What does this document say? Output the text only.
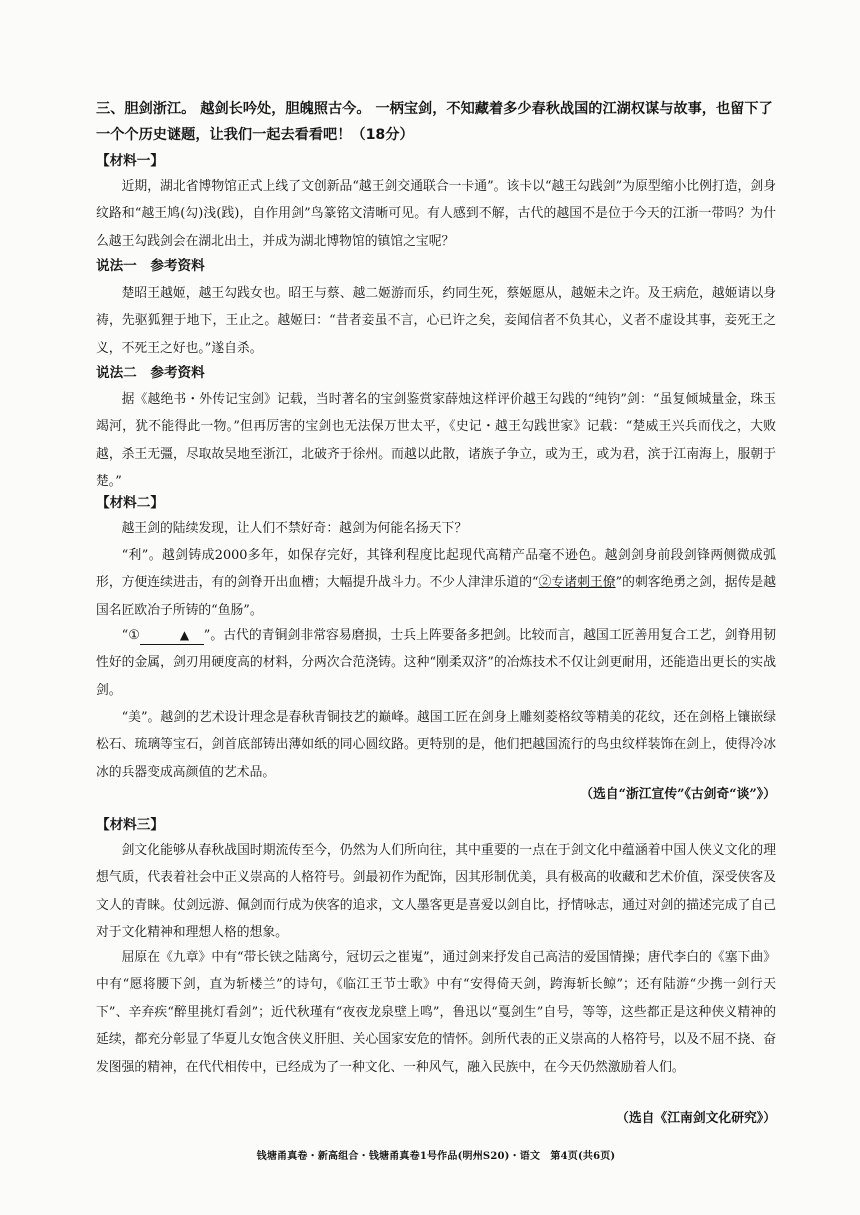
三、胆剑浙江。 越剑长吟处，胆魄照古今。 一柄宝剑，不知藏着多少春秋战国的江湖权谋与故事，也留下了一个个历史谜题，让我们一起去看看吧！（18分）

【材料一】

近期，湖北省博物馆正式上线了文创新品“越王剑交通联合一卡通”。该卡以“越王勾践剑”为原型缩小比例打造，剑身纹路和“越王鸠(勾)浅(践)，自作用剑”鸟篆铭文清晰可见。有人感到不解，古代的越国不是位于今天的江浙一带吗？为什么越王勾践剑会在湖北出土，并成为湖北博物馆的镇馆之宝呢？

说法一　参考资料

楚昭王越姬，越王勾践女也。昭王与蔡、越二姬游而乐，约同生死，蔡姬愿从，越姬未之许。及王病危，越姬请以身祷，先驱狐狸于地下，王止之。越姬曰：“昔者妾虽不言，心已许之矣，妾闻信者不负其心，义者不虚设其事，妾死王之义，不死王之好也。”遂自杀。

说法二　参考资料

据《越绝书・外传记宝剑》记载，当时著名的宝剑鉴赏家薛烛这样评价越王勾践的“纯钧”剑：“虽复倾城量金，珠玉竭河，犹不能得此一物。”但再厉害的宝剑也无法保万世太平，《史记・越王勾践世家》记载：“楚威王兴兵而伐之，大败越，杀王无彊，尽取故吴地至浙江，北破齐于徐州。而越以此散，诸族子争立，或为王，或为君，滨于江南海上，服朝于楚。”

【材料二】

越王剑的陆续发现，让人们不禁好奇：越剑为何能名扬天下？

“利”。越剑铸成2000多年，如保存完好，其锋利程度比起现代高精产品毫不逊色。越剑剑身前段剑锋两侧微成弧形，方便连续进击，有的剑脊开出血槽；大幅提升战斗力。不少人津津乐道的“②专诸刺王僚”的刺客绝勇之剑，据传是越国名匠欧冶子所铸的“鱼肠”。

“①	▲ ”。古代的青铜剑非常容易磨损，士兵上阵要备多把剑。比较而言，越国工匠善用复合工艺，剑脊用韧性好的金属，剑刃用硬度高的材料，分两次合范浇铸。这种“刚柔双济”的冶炼技术不仅让剑更耐用，还能造出更长的实战剑。

“美”。越剑的艺术设计理念是春秋青铜技艺的巅峰。越国工匠在剑身上雕刻菱格纹等精美的花纹，还在剑格上镶嵌绿松石、琉璃等宝石，剑首底部铸出薄如纸的同心圆纹路。更特别的是，他们把越国流行的鸟虫纹样装饰在剑上，使得冷冰冰的兵器变成高颜值的艺术品。

（选自“浙江宣传”《古剑奇“谈”》）

【材料三】

剑文化能够从春秋战国时期流传至今，仍然为人们所向往，其中重要的一点在于剑文化中蕴涵着中国人侠义文化的理想气质，代表着社会中正义崇高的人格符号。剑最初作为配饰，因其形制优美，具有极高的收藏和艺术价值，深受侠客及文人的青睐。仗剑远游、佩剑而行成为侠客的追求，文人墨客更是喜爱以剑自比，抒情咏志，通过对剑的描述完成了自己对于文化精神和理想人格的想象。

屈原在《九章》中有“带长铗之陆离兮，冠切云之崔嵬”，通过剑来抒发自己高洁的爱国情操；唐代李白的《塞下曲》中有“愿将腰下剑，直为斩楼兰”的诗句，《临江王节士歌》中有“安得倚天剑，跨海斩长鲸”；还有陆游“少携一剑行天下”、辛弃疾“醉里挑灯看剑”；近代秋瑾有“夜夜龙泉壁上鸣”，鲁迅以“戛剑生”自号，等等，这些都正是这种侠义精神的延续，都充分彰显了华夏儿女饱含侠义肝胆、关心国家安危的情怀。剑所代表的正义崇高的人格符号，以及不屈不挠、奋发图强的精神，在代代相传中，已经成为了一种文化、一种风气，融入民族中，在今天仍然激励着人们。

（选自《江南剑文化研究》）

钱塘甬真卷・新高组合・钱塘甬真卷1号作品(明州S20)・语文　第4页(共6页)
